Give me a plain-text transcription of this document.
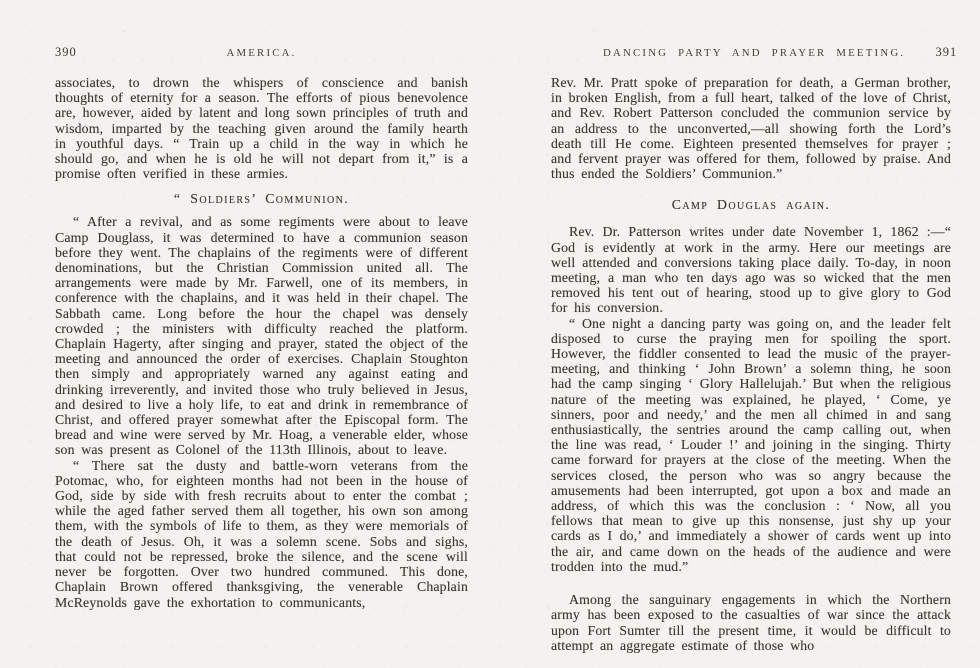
390	AMERICA.

associates, to drown the whispers of conscience and banish thoughts of eternity for a season. The efforts of pious benevolence are, however, aided by latent and long sown principles of truth and wisdom, imparted by the teaching given around the family hearth in youthful days. “ Train up a child in the way in which he should go, and when he is old he will not depart from it,” is a promise often verified in these armies.

“ Soldiers’ Communion.

“ After a revival, and as some regiments were about to leave Camp Douglass, it was determined to have a communion season before they went. The chaplains of the regiments were of different denominations, but the Christian Commission united all. The arrangements were made by Mr. Farwell, one of its members, in conference with the chaplains, and it was held in their chapel. The Sabbath came. Long before the hour the chapel was densely crowded ; the ministers with difficulty reached the platform. Chaplain Hagerty, after singing and prayer, stated the object of the meeting and announced the order of exercises. Chaplain Stoughton then simply and appropriately warned any against eating and drinking irreverently, and invited those who truly believed in Jesus, and desired to live a holy life, to eat and drink in remembrance of Christ, and offered prayer somewhat after the Episcopal form. The bread and wine were served by Mr. Hoag, a venerable elder, whose son was present as Colonel of the 113th Illinois, about to leave.

“ There sat the dusty and battle-worn veterans from the Potomac, who, for eighteen months had not been in the house of God, side by side with fresh recruits about to enter the combat ; while the aged father served them all together, his own son among them, with the symbols of life to them, as they were memorials of the death of Jesus. Oh, it was a solemn scene. Sobs and sighs, that could not be repressed, broke the silence, and the scene will never be forgotten. Over two hundred communed. This done, Chaplain Brown offered thanksgiving, the venerable Chaplain McReynolds gave the exhortation to communicants,

DANCING PARTY AND PRAYER MEETING.	391

Rev. Mr. Pratt spoke of preparation for death, a German brother, in broken English, from a full heart, talked of the love of Christ, and Rev. Robert Patterson concluded the communion service by an address to the unconverted,—all showing forth the Lord’s death till He come. Eighteen presented themselves for prayer ; and fervent prayer was offered for them, followed by praise. And thus ended the Soldiers’ Communion.”

Camp Douglas again.

Rev. Dr. Patterson writes under date November 1, 1862 :—“ God is evidently at work in the army. Here our meetings are well attended and conversions taking place daily. To-day, in noon meeting, a man who ten days ago was so wicked that the men removed his tent out of hearing, stood up to give glory to God for his conversion.

“ One night a dancing party was going on, and the leader felt disposed to curse the praying men for spoiling the sport. However, the fiddler consented to lead the music of the prayer-meeting, and thinking ‘ John Brown’ a solemn thing, he soon had the camp singing ‘ Glory Hallelujah.’ But when the religious nature of the meeting was explained, he played, ‘ Come, ye sinners, poor and needy,’ and the men all chimed in and sang enthusiastically, the sentries around the camp calling out, when the line was read, ‘ Louder !’ and joining in the singing. Thirty came forward for prayers at the close of the meeting. When the services closed, the person who was so angry because the amusements had been interrupted, got upon a box and made an address, of which this was the conclusion : ‘ Now, all you fellows that mean to give up this nonsense, just shy up your cards as I do,’ and immediately a shower of cards went up into the air, and came down on the heads of the audience and were trodden into the mud.”

Among the sanguinary engagements in which the Northern army has been exposed to the casualties of war since the attack upon Fort Sumter till the present time, it would be difficult to attempt an aggregate estimate of those who
